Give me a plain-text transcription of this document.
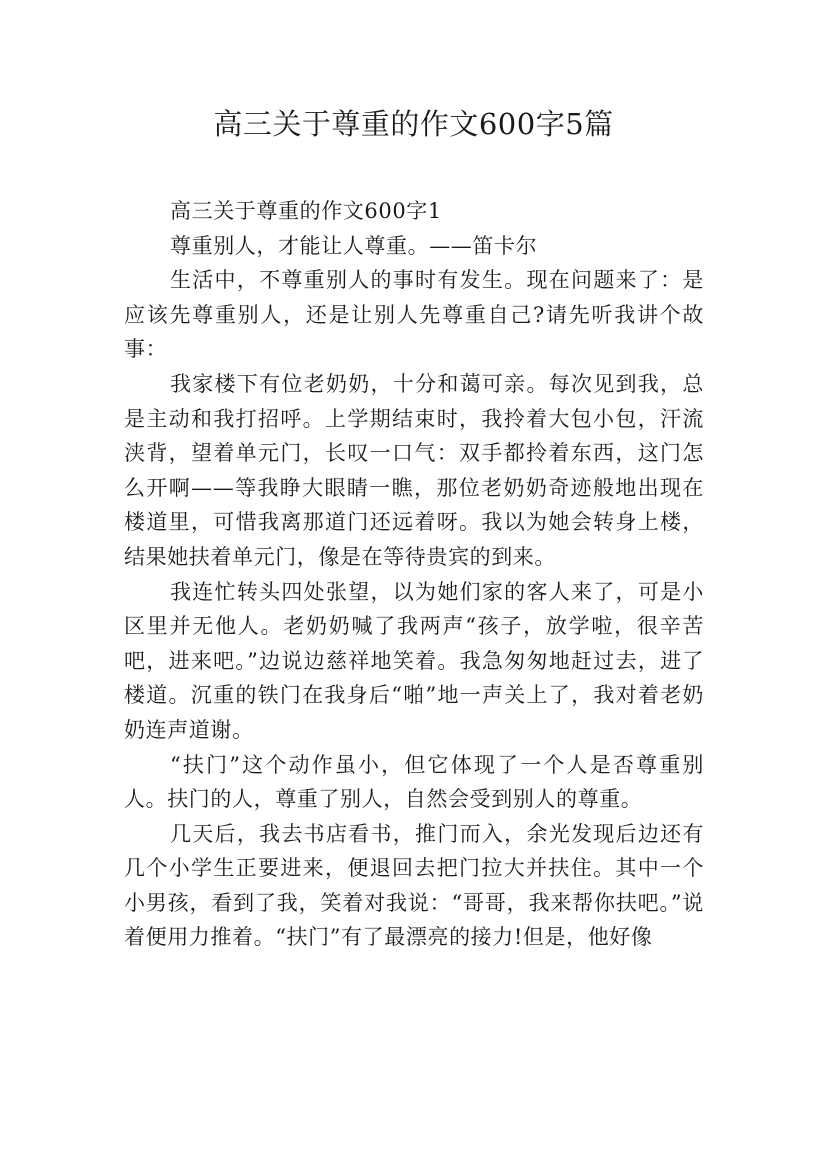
高三关于尊重的作文600字5篇

高三关于尊重的作文600字1

尊重别人，才能让人尊重。——笛卡尔

生活中，不尊重别人的事时有发生。现在问题来了：是应该先尊重别人，还是让别人先尊重自己?请先听我讲个故事：

我家楼下有位老奶奶，十分和蔼可亲。每次见到我，总是主动和我打招呼。上学期结束时，我拎着大包小包，汗流浃背，望着单元门，长叹一口气：双手都拎着东西，这门怎么开啊——等我睁大眼睛一瞧，那位老奶奶奇迹般地出现在楼道里，可惜我离那道门还远着呀。我以为她会转身上楼，结果她扶着单元门，像是在等待贵宾的到来。

我连忙转头四处张望，以为她们家的客人来了，可是小区里并无他人。老奶奶喊了我两声“孩子，放学啦，很辛苦吧，进来吧。”边说边慈祥地笑着。我急匆匆地赶过去，进了楼道。沉重的铁门在我身后“啪”地一声关上了，我对着老奶奶连声道谢。

“扶门”这个动作虽小，但它体现了一个人是否尊重别人。扶门的人，尊重了别人，自然会受到别人的尊重。

几天后，我去书店看书，推门而入，余光发现后边还有几个小学生正要进来，便退回去把门拉大并扶住。其中一个小男孩，看到了我，笑着对我说：“哥哥，我来帮你扶吧。”说着便用力推着。“扶门”有了最漂亮的接力!但是，他好像
